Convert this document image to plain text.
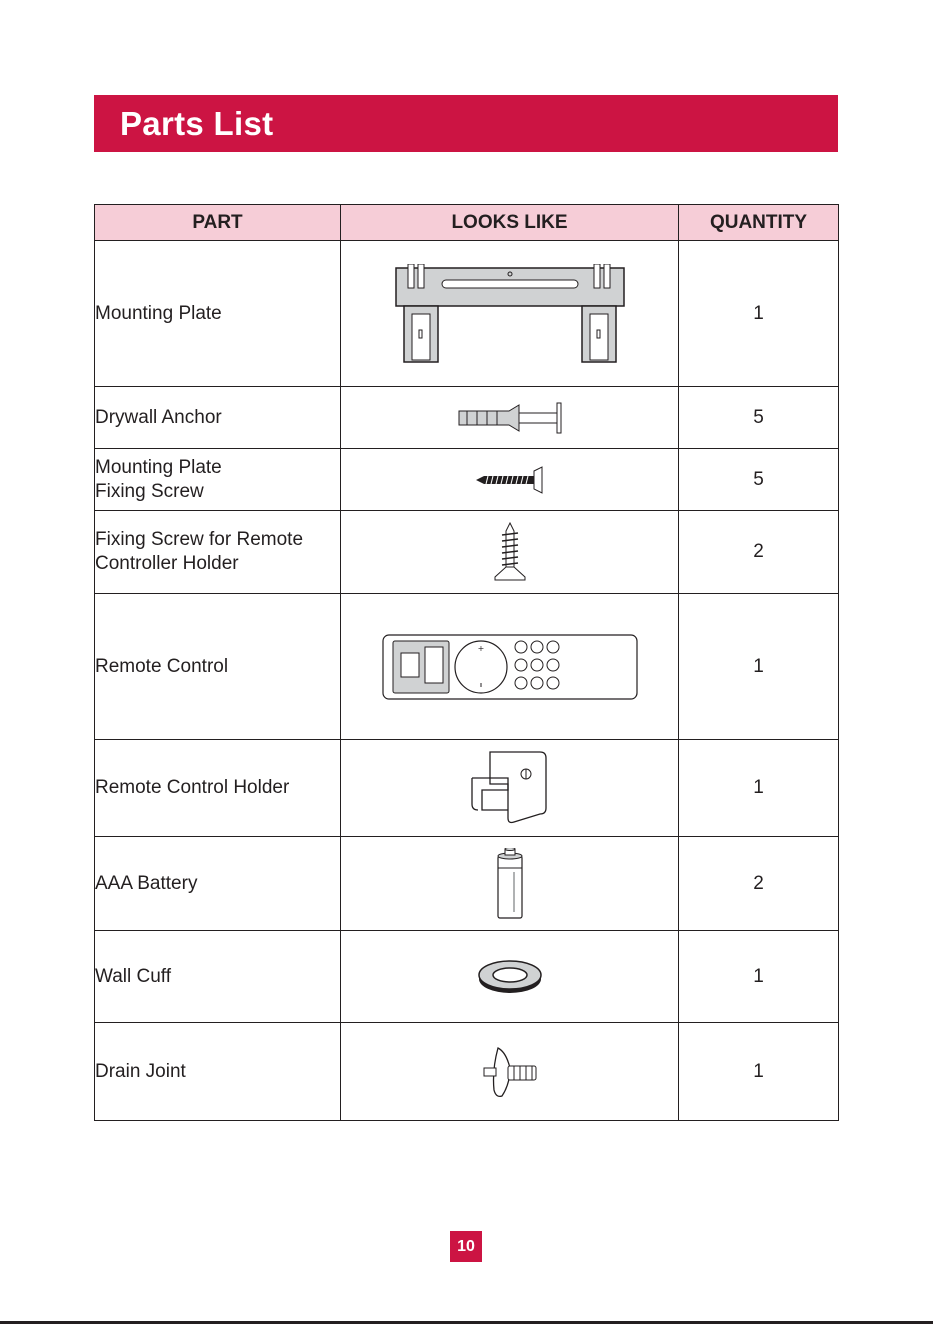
Parts List
PART	LOOKS LIKE	QUANTITY

Mounting Plate		1

Drywall Anchor		5

Mounting Plate
Fixing Screw		5

Fixing Screw for Remote
Controller Holder		2

Remote Control	+	1

Remote Control Holder		1

AAA Battery		2

Wall Cuff		1

Drain Joint		1
10
